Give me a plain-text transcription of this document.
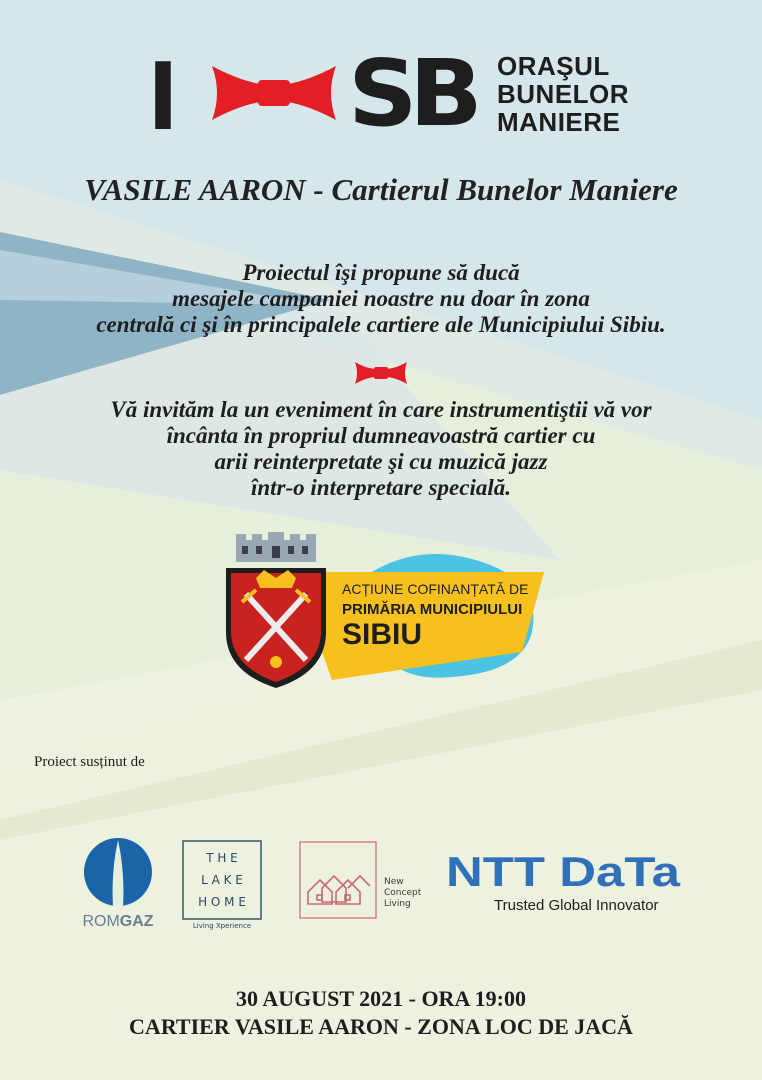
I SB ORAŞUL
BUNELOR
MANIERE
VASILE AARON - Cartierul Bunelor Maniere
Proiectul îşi propune să ducă
mesajele campaniei noastre nu doar în zona
centrală ci şi în principalele cartiere ale Municipiului Sibiu.
Vă invităm la un eveniment în care instrumentiştii vă vor
încânta în propriul dumneavoastră cartier cu
arii reinterpretate şi cu muzică jazz
într-o interpretare specială.
ACȚIUNE COFINANȚATĂ DE
PRIMĂRIA MUNICIPIULUI
SIBIU
Proiect susținut de
ROMGAZ
T H E
L A K E
H O M E
Living Xperience
New
Concept
Living
NTT DaTa
Trusted Global Innovator
30 AUGUST 2021 - ORA 19:00
CARTIER VASILE AARON - ZONA LOC DE JACĂ
